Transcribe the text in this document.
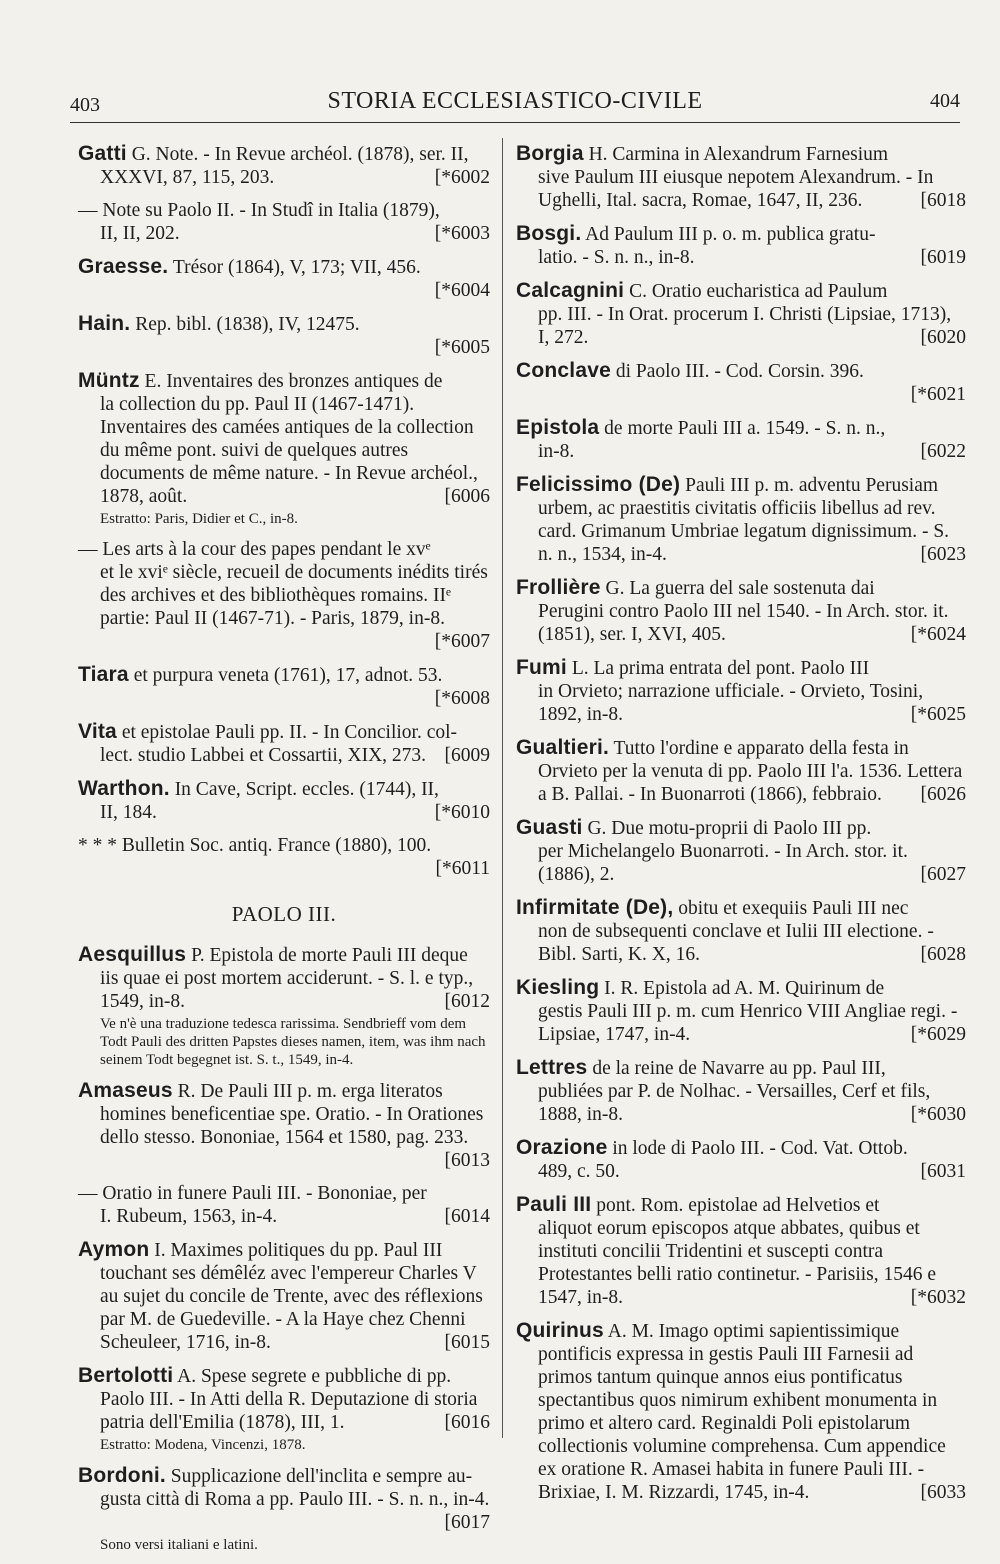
403	STORIA ECCLESIASTICO-CIVILE	404
Gatti G. Note. - In Revue archéol. (1878), ser. II,
XXXVI, 87, 115, 203.	[*6002
— Note su Paolo II. - In Studî in Italia (1879),
II, II, 202.	[*6003
Graesse. Trésor (1864), V, 173; VII, 456.
[*6004
Hain. Rep. bibl. (1838), IV, 12475.
[*6005
Müntz E. Inventaires des bronzes antiques de
la collection du pp. Paul II (1467-1471). Inventaires des camées antiques de la collection du même pont. suivi de quelques autres documents de même nature. - In Revue archéol., 1878, août.	[6006
Estratto: Paris, Didier et C., in-8.
— Les arts à la cour des papes pendant le xvᵉ
et le xviᵉ siècle, recueil de documents inédits tirés des archives et des bibliothèques romains. IIᵉ partie: Paul II (1467-71). - Paris, 1879, in-8.
[*6007
Tiara et purpura veneta (1761), 17, adnot. 53.
[*6008
Vita et epistolae Pauli pp. II. - In Concilior. col-
lect. studio Labbei et Cossartii, XIX, 273. [6009
Warthon. In Cave, Script. eccles. (1744), II,
II, 184.	[*6010
* * * Bulletin Soc. antiq. France (1880), 100.
[*6011
PAOLO III.
Aesquillus P. Epistola de morte Pauli III deque
iis quae ei post mortem acciderunt. - S. l. e typ., 1549, in-8.	[6012
Ve n'è una traduzione tedesca rarissima. Sendbrieff vom dem Todt Pauli des dritten Papstes dieses namen, item, was ihm nach seinem Todt begegnet ist. S. t., 1549, in-4.
Amaseus R. De Pauli III p. m. erga literatos
homines beneficentiae spe. Oratio. - In Orationes dello stesso. Bononiae, 1564 et 1580, pag. 233.
[6013
— Oratio in funere Pauli III. - Bononiae, per
I. Rubeum, 1563, in-4.	[6014
Aymon I. Maximes politiques du pp. Paul III
touchant ses démêléz avec l'empereur Charles V au sujet du concile de Trente, avec des réflexions par M. de Guedeville. - A la Haye chez Chenni Scheuleer, 1716, in-8.	[6015
Bertolotti A. Spese segrete e pubbliche di pp.
Paolo III. - In Atti della R. Deputazione di storia patria dell'Emilia (1878), III, 1.	[6016
Estratto: Modena, Vincenzi, 1878.
Bordoni. Supplicazione dell'inclita e sempre au-
gusta città di Roma a pp. Paulo III. - S. n. n., in-4.
[6017
Sono versi italiani e latini.
Borgia H. Carmina in Alexandrum Farnesium
sive Paulum III eiusque nepotem Alexandrum. - In Ughelli, Ital. sacra, Romae, 1647, II, 236.	[6018
Bosgi. Ad Paulum III p. o. m. publica gratu-
latio. - S. n. n., in-8.	[6019
Calcagnini C. Oratio eucharistica ad Paulum
pp. III. - In Orat. procerum I. Christi (Lipsiae, 1713), I, 272.	[6020
Conclave di Paolo III. - Cod. Corsin. 396.
[*6021
Epistola de morte Pauli III a. 1549. - S. n. n.,
in-8.	[6022
Felicissimo (De) Pauli III p. m. adventu Perusiam
urbem, ac praestitis civitatis officiis libellus ad rev. card. Grimanum Umbriae legatum dignissimum. - S. n. n., 1534, in-4.	[6023
Frollière G. La guerra del sale sostenuta dai
Perugini contro Paolo III nel 1540. - In Arch. stor. it. (1851), ser. I, XVI, 405.	[*6024
Fumi L. La prima entrata del pont. Paolo III
in Orvieto; narrazione ufficiale. - Orvieto, Tosini, 1892, in-8.	[*6025
Gualtieri. Tutto l'ordine e apparato della festa in
Orvieto per la venuta di pp. Paolo III l'a. 1536. Lettera a B. Pallai. - In Buonarroti (1866), febbraio. [6026
Guasti G. Due motu-proprii di Paolo III pp.
per Michelangelo Buonarroti. - In Arch. stor. it. (1886), 2.	[6027
Infirmitate (De), obitu et exequiis Pauli III nec
non de subsequenti conclave et Iulii III electione. - Bibl. Sarti, K. X, 16.	[6028
Kiesling I. R. Epistola ad A. M. Quirinum de
gestis Pauli III p. m. cum Henrico VIII Angliae regi. - Lipsiae, 1747, in-4.	[*6029
Lettres de la reine de Navarre au pp. Paul III,
publiées par P. de Nolhac. - Versailles, Cerf et fils, 1888, in-8.	[*6030
Orazione in lode di Paolo III. - Cod. Vat. Ottob.
489, c. 50.	[6031
Pauli III pont. Rom. epistolae ad Helvetios et
aliquot eorum episcopos atque abbates, quibus et instituti concilii Tridentini et suscepti contra Protestantes belli ratio continetur. - Parisiis, 1546 e 1547, in-8.	[*6032
Quirinus A. M. Imago optimi sapientissimique
pontificis expressa in gestis Pauli III Farnesii ad primos tantum quinque annos eius pontificatus spectantibus quos nimirum exhibent monumenta in primo et altero card. Reginaldi Poli epistolarum collectionis volumine comprehensa. Cum appendice ex oratione R. Amasei habita in funere Pauli III. - Brixiae, I. M. Rizzardi, 1745, in-4.	[6033
